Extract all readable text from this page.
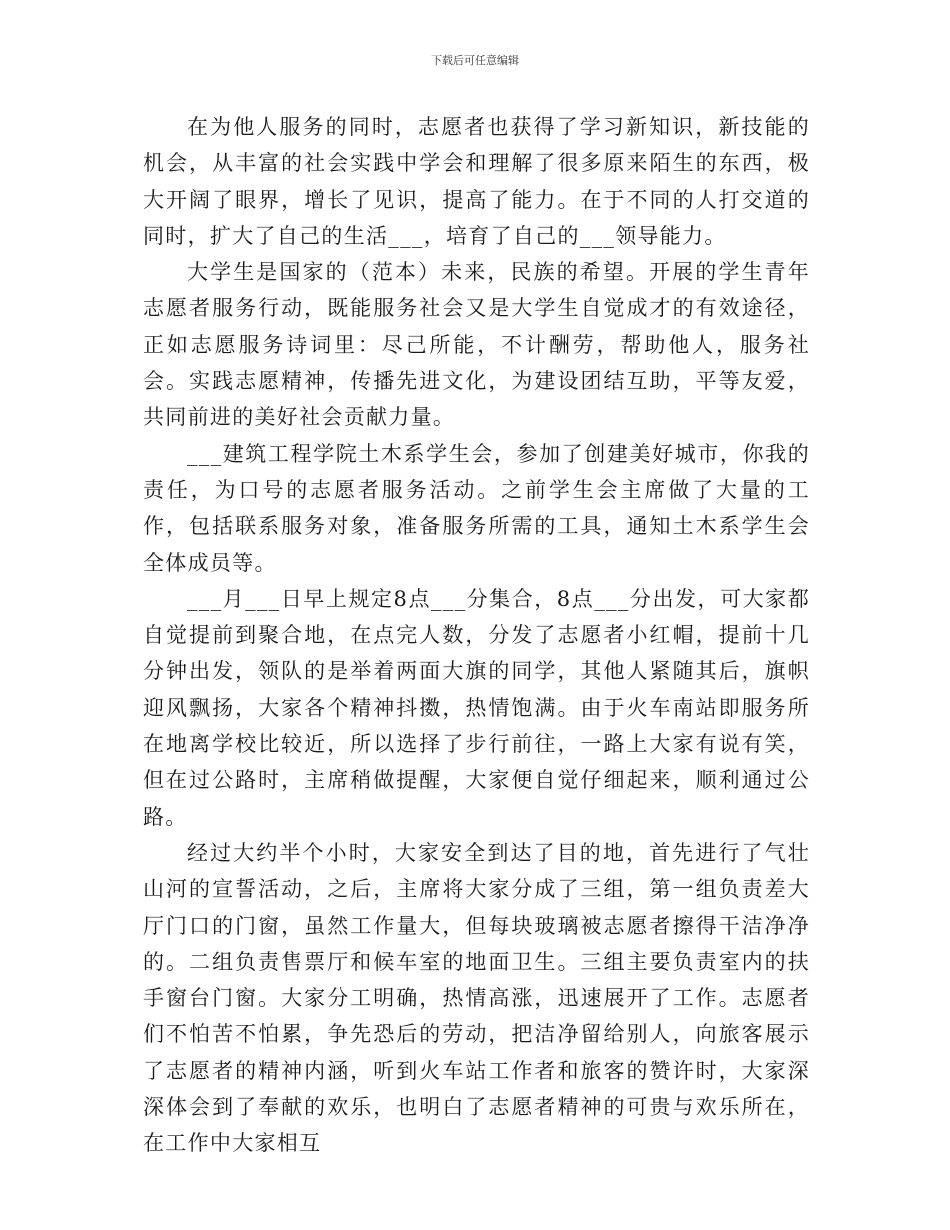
下载后可任意编辑

在为他人服务的同时，志愿者也获得了学习新知识，新技能的机会，从丰富的社会实践中学会和理解了很多原来陌生的东西，极大开阔了眼界，增长了见识，提高了能力。在于不同的人打交道的同时，扩大了自己的生活___，培育了自己的___领导能力。

大学生是国家的（范本）未来，民族的希望。开展的学生青年志愿者服务行动，既能服务社会又是大学生自觉成才的有效途径，正如志愿服务诗词里：尽己所能，不计酬劳，帮助他人，服务社会。实践志愿精神，传播先进文化，为建设团结互助，平等友爱，共同前进的美好社会贡献力量。

___建筑工程学院土木系学生会，参加了创建美好城市，你我的责任，为口号的志愿者服务活动。之前学生会主席做了大量的工作，包括联系服务对象，准备服务所需的工具，通知土木系学生会全体成员等。

___月___日早上规定8点___分集合，8点___分出发，可大家都自觉提前到聚合地，在点完人数，分发了志愿者小红帽，提前十几分钟出发，领队的是举着两面大旗的同学，其他人紧随其后，旗帜迎风飘扬，大家各个精神抖擞，热情饱满。由于火车南站即服务所在地离学校比较近，所以选择了步行前往，一路上大家有说有笑，但在过公路时，主席稍做提醒，大家便自觉仔细起来，顺利通过公路。

经过大约半个小时，大家安全到达了目的地，首先进行了气壮山河的宣誓活动，之后，主席将大家分成了三组，第一组负责差大厅门口的门窗，虽然工作量大，但每块玻璃被志愿者擦得干洁净净的。二组负责售票厅和候车室的地面卫生。三组主要负责室内的扶手窗台门窗。大家分工明确，热情高涨，迅速展开了工作。志愿者们不怕苦不怕累，争先恐后的劳动，把洁净留给别人，向旅客展示了志愿者的精神内涵，听到火车站工作者和旅客的赞许时，大家深深体会到了奉献的欢乐，也明白了志愿者精神的可贵与欢乐所在，在工作中大家相互
